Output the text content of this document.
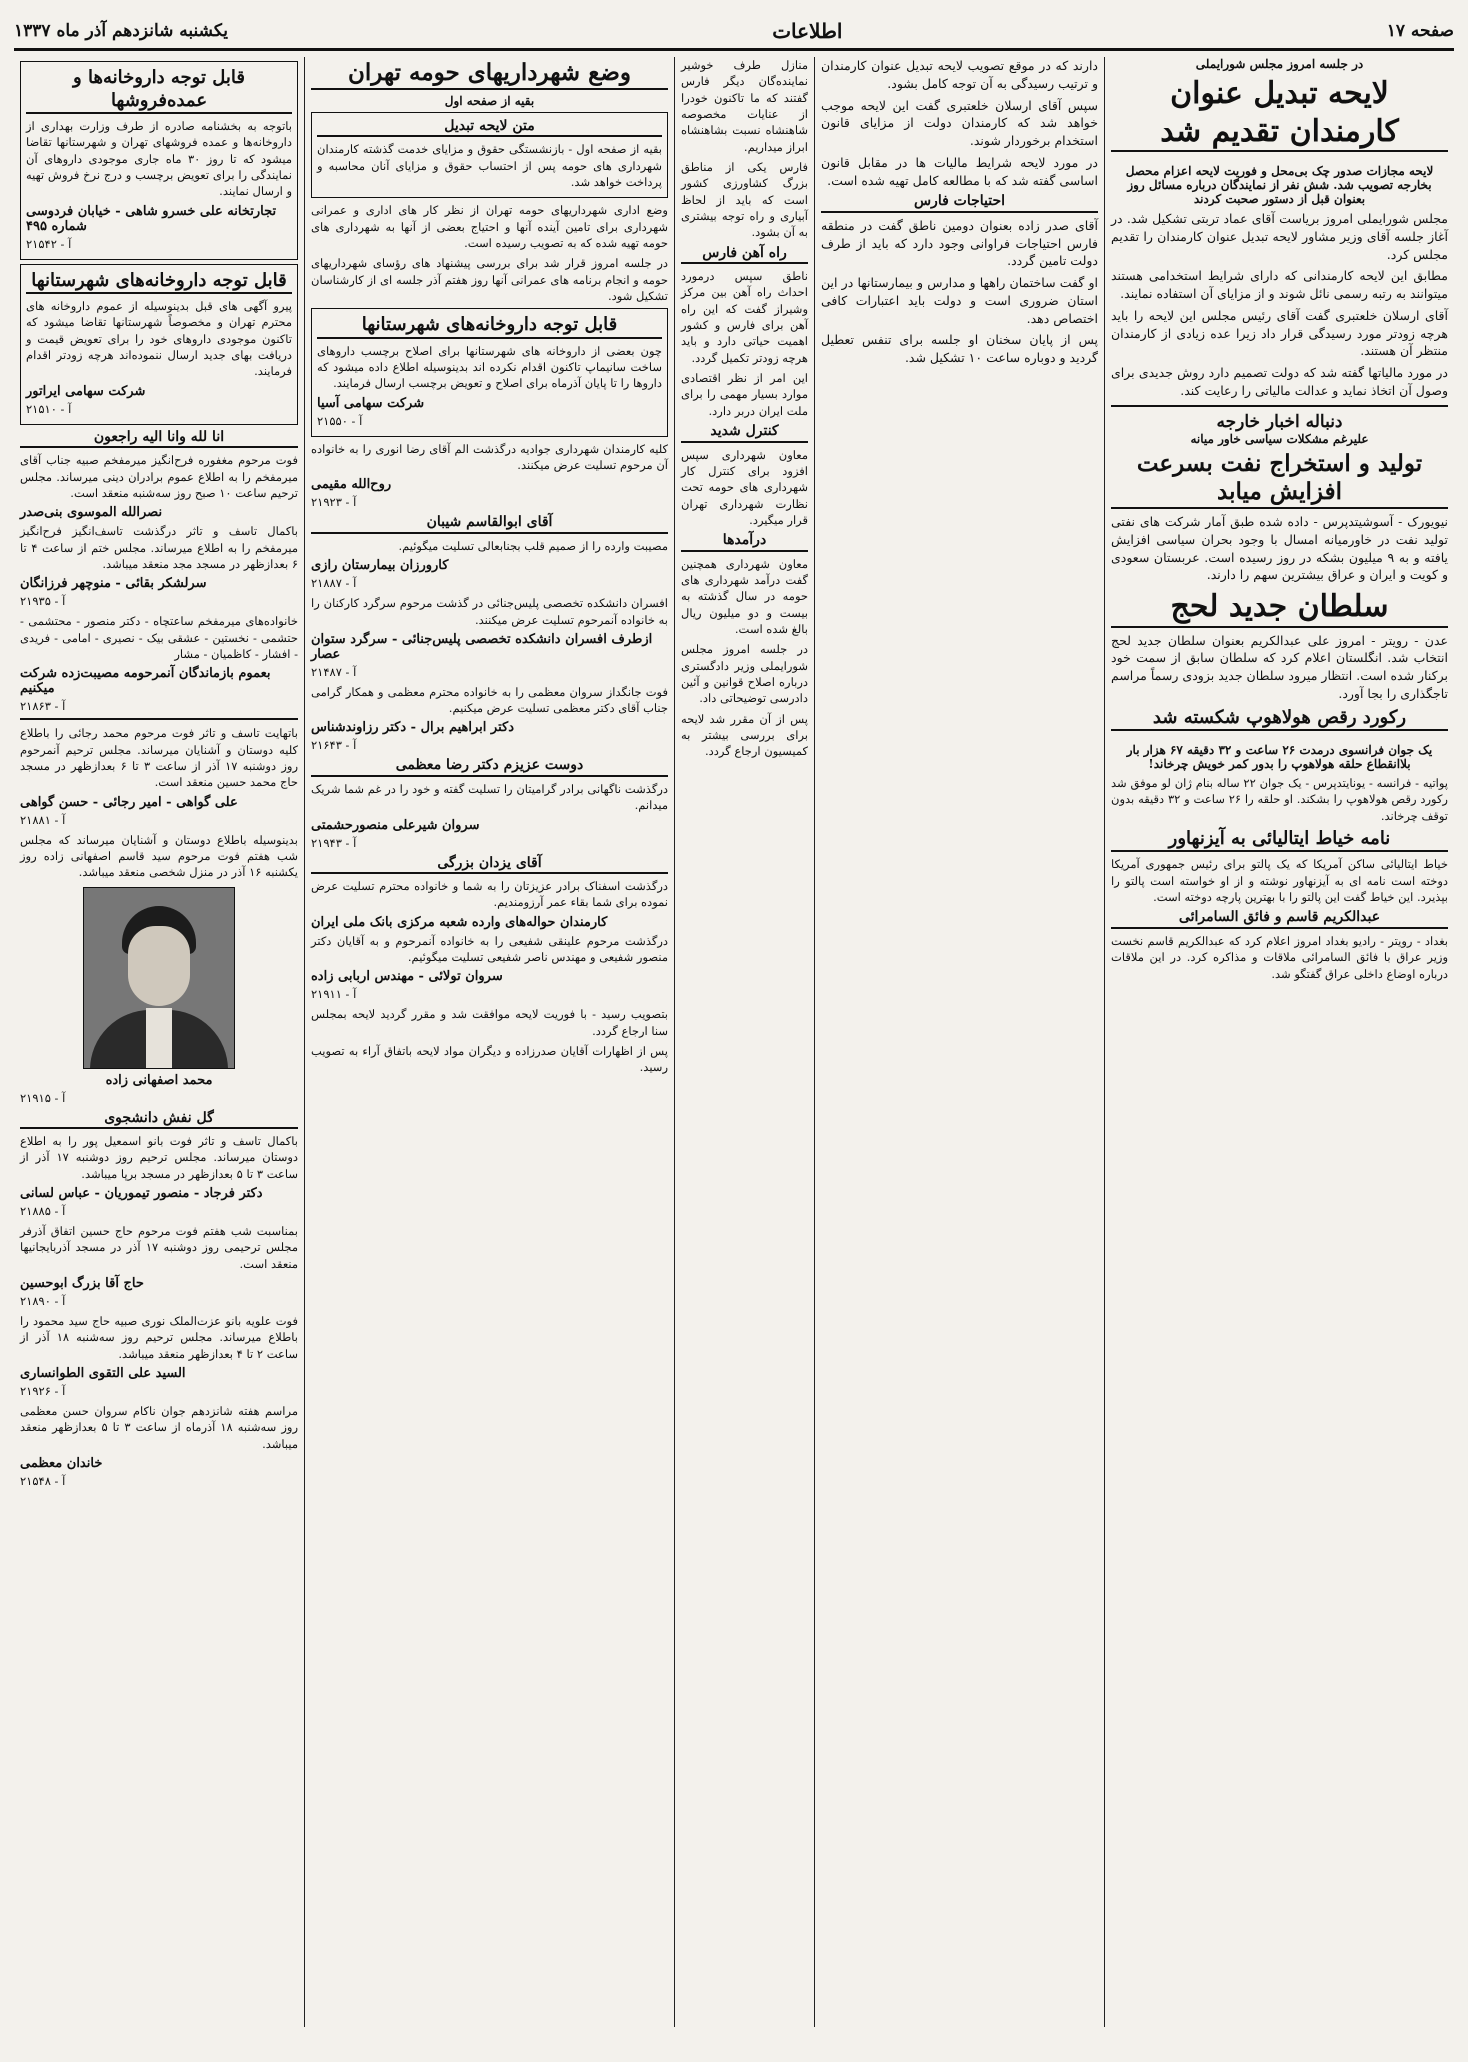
صفحه ۱۷
اطلاعات
یکشنبه شانزدهم آذر ماه ۱۳۳۷
در جلسه امروز مجلس شورایملی
لایحه تبدیل عنوان کارمندان تقدیم شد

لایحه مجازات صدور چک بی‌محل و فوریت لایحه اعزام محصل بخارجه تصویب شد. شش نفر از نمایندگان درباره مسائل روز بعنوان قبل از دستور صحبت کردند

مجلس شورایملی امروز بریاست آقای عماد تربتی تشکیل شد. در آغاز جلسه آقای وزیر مشاور لایحه تبدیل عنوان کارمندان را تقدیم مجلس کرد.

مطابق این لایحه کارمندانی که دارای شرایط استخدامی هستند میتوانند به رتبه رسمی نائل شوند و از مزایای آن استفاده نمایند.

آقای ارسلان خلعتبری گفت آقای رئیس مجلس این لایحه را باید هرچه زودتر مورد رسیدگی قرار داد زیرا عده زیادی از کارمندان منتظر آن هستند.

در مورد مالیاتها گفته شد که دولت تصمیم دارد روش جدیدی برای وصول آن اتخاذ نماید و عدالت مالیاتی را رعایت کند.

دنباله اخبار خارجه
علیرغم مشکلات سیاسی خاور میانه
تولید و استخراج نفت بسرعت افزایش میابد

نیویورک - آسوشیتدپرس - داده شده طبق آمار شرکت های نفتی تولید نفت در خاورمیانه امسال با وجود بحران سیاسی افزایش یافته و به ۹ میلیون بشکه در روز رسیده است. عربستان سعودی و کویت و ایران و عراق بیشترین سهم را دارند.

سلطان جدید لحج

عدن - رویتر - امروز علی عبدالکریم بعنوان سلطان جدید لحج انتخاب شد. انگلستان اعلام کرد که سلطان سابق از سمت خود برکنار شده است. انتظار میرود سلطان جدید بزودی رسماً مراسم تاجگذاری را بجا آورد.

رکورد رقص هولاهوپ شکسته شد

یک جوان فرانسوی درمدت ۲۶ ساعت و ۳۲ دقیقه ۶۷ هزار بار بلاانقطاع حلقه هولاهوپ را بدور کمر خویش چرخاند!

پواتیه - فرانسه - یونایتدپرس - یک جوان ۲۲ ساله بنام ژان لو موفق شد رکورد رقص هولاهوپ را بشکند. او حلقه را ۲۶ ساعت و ۳۲ دقیقه بدون توقف چرخاند.

نامه خیاط ایتالیائی به آیزنهاور

خیاط ایتالیائی ساکن آمریکا که یک پالتو برای رئیس جمهوری آمریکا دوخته است نامه ای به آیزنهاور نوشته و از او خواسته است پالتو را بپذیرد. این خیاط گفت این پالتو را با بهترین پارچه دوخته است.

عبدالکریم قاسم و فائق السامرائی

بغداد - رویتر - رادیو بغداد امروز اعلام کرد که عبدالکریم قاسم نخست وزیر عراق با فائق السامرائی ملاقات و مذاکره کرد. در این ملاقات درباره اوضاع داخلی عراق گفتگو شد.

دارند که در موقع تصویب لایحه تبدیل عنوان کارمندان و ترتیب رسیدگی به آن توجه کامل بشود.

سپس آقای ارسلان خلعتبری گفت این لایحه موجب خواهد شد که کارمندان دولت از مزایای قانون استخدام برخوردار شوند.

در مورد لایحه شرایط مالیات ها در مقابل قانون اساسی گفته شد که با مطالعه کامل تهیه شده است.

احتیاجات فارس

آقای صدر زاده بعنوان دومین ناطق گفت در منطقه فارس احتیاجات فراوانی وجود دارد که باید از طرف دولت تامین گردد.

او گفت ساختمان راهها و مدارس و بیمارستانها در این استان ضروری است و دولت باید اعتبارات کافی اختصاص دهد.

پس از پایان سخنان او جلسه برای تنفس تعطیل گردید و دوباره ساعت ۱۰ تشکیل شد.

منازل طرف خوشیر نماینده‌گان دیگر فارس گفتند که ما تاکنون خودرا از عنایات مخصوصه شاهنشاه نسبت بشاهنشاه ابراز میداریم.

فارس یکی از مناطق بزرگ کشاورزی کشور است که باید از لحاظ آبیاری و راه توجه بیشتری به آن بشود.

راه آهن فارس

ناطق سپس درمورد احداث راه آهن بین مرکز وشیراز گفت که این راه آهن برای فارس و کشور اهمیت حیاتی دارد و باید هرچه زودتر تکمیل گردد.

این امر از نظر اقتصادی موارد بسیار مهمی را برای ملت ایران دربر دارد.

کنترل شدید

معاون شهرداری سپس افزود برای کنترل کار شهرداری های حومه تحت نظارت شهرداری تهران قرار میگیرد.

درآمدها

معاون شهرداری همچنین گفت درآمد شهرداری های حومه در سال گذشته به بیست و دو میلیون ریال بالغ شده است.

در جلسه امروز مجلس شورایملی وزیر دادگستری درباره اصلاح قوانین و آئین دادرسی توضیحاتی داد.

پس از آن مقرر شد لایحه برای بررسی بیشتر به کمیسیون ارجاع گردد.

وضع شهرداریهای حومه تهران
بقیه از صفحه اول
متن لایحه تبدیل

بقیه از صفحه اول - بازنشستگی حقوق و مزایای خدمت گذشته کارمندان شهرداری های حومه پس از احتساب حقوق و مزایای آنان محاسبه و پرداخت خواهد شد.

وضع اداری شهرداریهای حومه تهران از نظر کار های اداری و عمرانی شهرداری برای تامین آینده آنها و احتیاج بعضی از آنها به شهرداری های حومه تهیه شده که به تصویب رسیده است.

در جلسه امروز قرار شد برای بررسی پیشنهاد های رؤسای شهرداریهای حومه و انجام برنامه های عمرانی آنها روز هفتم آذر جلسه ای از کارشناسان تشکیل شود.

قابل توجه داروخانه‌های شهرستانها

چون بعضی از داروخانه های شهرستانها برای اصلاح برچسب داروهای ساخت سانیماپ تاکنون اقدام نکرده اند بدینوسیله اطلاع داده میشود که داروها را تا پایان آذرماه برای اصلاح و تعویض برچسب ارسال فرمایند.

شرکت سهامی آسیا
آ - ۲۱۵۵۰

کلیه کارمندان شهرداری جوادیه درگذشت الم آقای رضا انوری را به خانواده آن مرحوم تسلیت عرض میکنند.

روح‌الله مقیمی
آ - ۲۱۹۲۳
آقای ابوالقاسم شیبان

مصیبت وارده را از صمیم قلب بجنابعالی تسلیت میگوئیم.

کارورزان بیمارستان رازی
آ - ۲۱۸۸۷

افسران دانشکده تخصصی پلیس‌جنائی در گذشت مرحوم سرگرد کارکنان را به خانواده آنمرحوم تسلیت عرض میکنند.

ازطرف افسران دانشکده تخصصی پلیس‌جنائی - سرگرد ستوان عصار
آ - ۲۱۴۸۷

فوت جانگداز سروان معظمی را به خانواده محترم معظمی و همکار گرامی جناب آقای دکتر معظمی تسلیت عرض میکنیم.

دکتر ابراهیم برال - دکتر رزاوندشناس
آ - ۲۱۶۴۳
دوست عزیزم دکتر رضا معظمی

درگذشت ناگهانی برادر گرامیتان را تسلیت گفته و خود را در غم شما شریک میدانم.

سروان شیرعلی منصورحشمتی
آ - ۲۱۹۴۳
آقای یزدان بزرگی

درگذشت اسفناک برادر عزیزتان را به شما و خانواده محترم تسلیت عرض نموده برای شما بقاء عمر آرزومندیم.

کارمندان حواله‌های وارده شعبه مرکزی بانک ملی ایران

درگذشت مرحوم علینقی شفیعی را به خانواده آنمرحوم و به آقایان دکتر منصور شفیعی و مهندس ناصر شفیعی تسلیت میگوئیم.

سروان تولائی - مهندس اربابی زاده
آ - ۲۱۹۱۱

بتصویب رسید - با فوریت لایحه موافقت شد و مقرر گردید لایحه بمجلس سنا ارجاع گردد.

پس از اظهارات آقایان صدرزاده و دیگران مواد لایحه باتفاق آراء به تصویب رسید.

قابل توجه داروخانه‌ها و عمده‌فروشها

باتوجه به بخشنامه صادره از طرف وزارت بهداری از داروخانه‌ها و عمده فروشهای تهران و شهرستانها تقاضا میشود که تا روز ۳۰ ماه جاری موجودی داروهای آن نمایندگی را برای تعویض برچسب و درج نرخ فروش تهیه و ارسال نمایند.

تجارتخانه علی خسرو شاهی - خیابان فردوسی شماره ۴۹۵
آ - ۲۱۵۴۲
قابل توجه داروخانه‌های شهرستانها

پیرو آگهی های قبل بدینوسیله از عموم داروخانه های محترم تهران و مخصوصاً شهرستانها تقاضا میشود که تاکنون موجودی داروهای خود را برای تعویض قیمت و دریافت بهای جدید ارسال ننموده‌اند هرچه زودتر اقدام فرمایند.

شرکت سهامی ایراتور
آ - ۲۱۵۱۰
انا لله وانا الیه راجعون

فوت مرحوم مغفوره فرح‌انگیز میرمفخم صبیه جناب آقای میرمفخم را به اطلاع عموم برادران دینی میرساند. مجلس ترحیم ساعت ۱۰ صبح روز سه‌شنبه منعقد است.

نصرالله الموسوی بنی‌صدر

باکمال تاسف و تاثر درگذشت تاسف‌انگیز فرح‌انگیز میرمفخم را به اطلاع میرساند. مجلس ختم از ساعت ۴ تا ۶ بعدازظهر در مسجد مجد منعقد میباشد.

سرلشکر بقائی - منوچهر فرزانگان
آ - ۲۱۹۳۵

خانواده‌های میرمفخم ساعتچاه - دکتر منصور - محتشمی - حتشمی - نخستین - عشقی بیک - نصیری - امامی - فریدی - افشار - کاظمیان - مشار

بعموم بازماندگان آنمرحومه مصیبت‌زده شرکت میکنیم
آ - ۲۱۸۶۳

باتهایت تاسف و تاثر فوت مرحوم محمد رجائی را باطلاع کلیه دوستان و آشنایان میرساند. مجلس ترحیم آنمرحوم روز دوشنبه ۱۷ آذر از ساعت ۳ تا ۶ بعدازظهر در مسجد حاج محمد حسین منعقد است.

علی گواهی - امیر رجائی - حسن گواهی
آ - ۲۱۸۸۱

بدینوسیله باطلاع دوستان و آشنایان میرساند که مجلس شب هفتم فوت مرحوم سید قاسم اصفهانی زاده روز یکشنبه ۱۶ آذر در منزل شخصی منعقد میباشد.

محمد اصفهانی زاده
آ - ۲۱۹۱۵
گل نفش دانشجوی

باکمال تاسف و تاثر فوت بانو اسمعیل پور را به اطلاع دوستان میرساند. مجلس ترحیم روز دوشنبه ۱۷ آذر از ساعت ۳ تا ۵ بعدازظهر در مسجد برپا میباشد.

دکتر فرجاد - منصور تیموریان - عباس لسانی
آ - ۲۱۸۸۵

بمناسبت شب هفتم فوت مرحوم حاج حسین اتفاق آذرفر مجلس ترحیمی روز دوشنبه ۱۷ آذر در مسجد آذربایجانیها منعقد است.

حاج آقا بزرگ ابوحسین
آ - ۲۱۸۹۰

فوت علویه بانو عزت‌الملک نوری صبیه حاج سید محمود را باطلاع میرساند. مجلس ترحیم روز سه‌شنبه ۱۸ آذر از ساعت ۲ تا ۴ بعدازظهر منعقد میباشد.

السید علی التقوی الطوانساری
آ - ۲۱۹۲۶

مراسم هفته شانزدهم جوان ناکام سروان حسن معظمی روز سه‌شنبه ۱۸ آذرماه از ساعت ۳ تا ۵ بعدازظهر منعقد میباشد.

خاندان معظمی
آ - ۲۱۵۴۸
